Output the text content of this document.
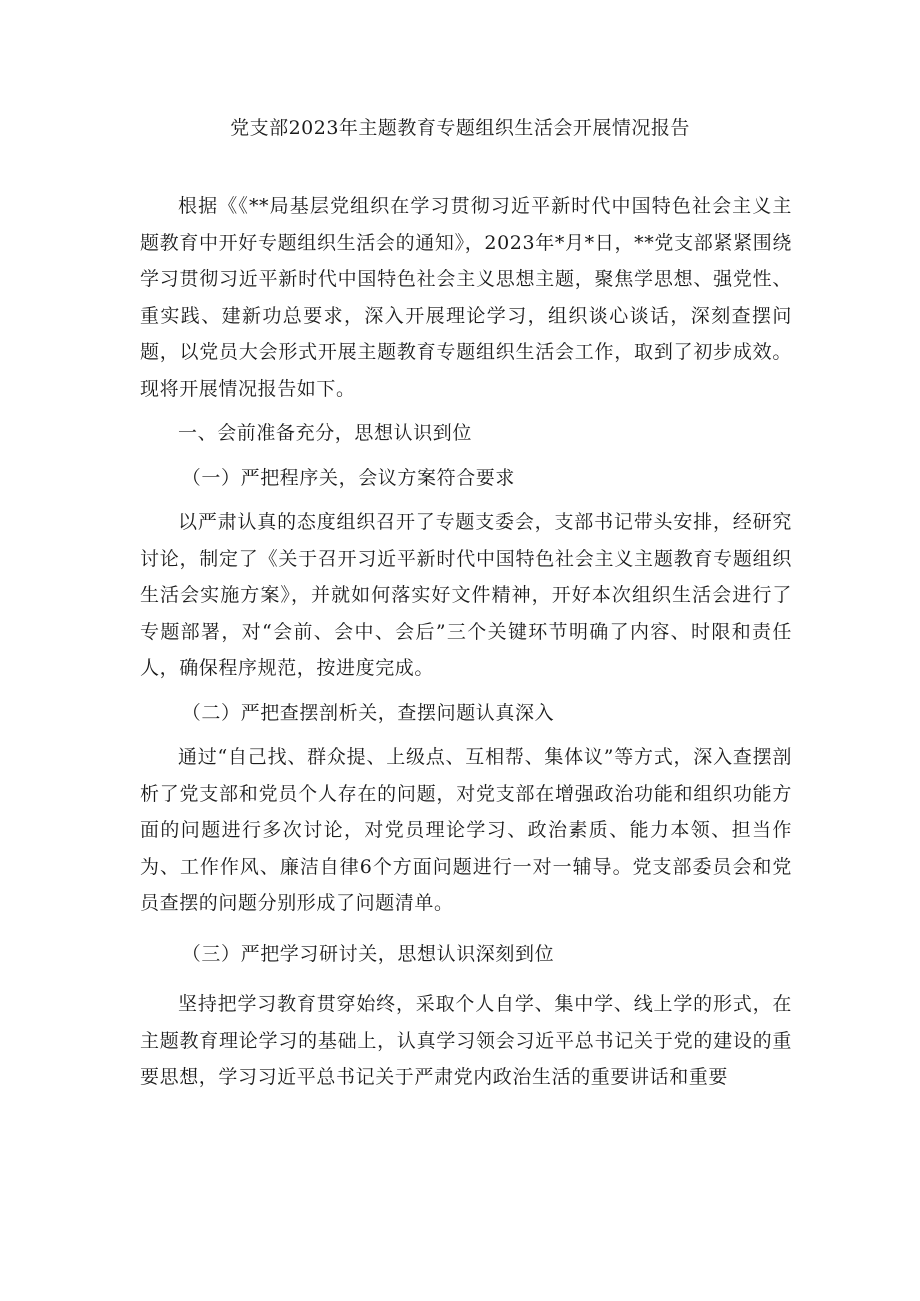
党支部2023年主题教育专题组织生活会开展情况报告

根据《《**局基层党组织在学习贯彻习近平新时代中国特色社会主义主题教育中开好专题组织生活会的通知》，2023年*月*日，**党支部紧紧围绕学习贯彻习近平新时代中国特色社会主义思想主题，聚焦学思想、强党性、重实践、建新功总要求，深入开展理论学习，组织谈心谈话，深刻查摆问题，以党员大会形式开展主题教育专题组织生活会工作，取到了初步成效。现将开展情况报告如下。

一、会前准备充分，思想认识到位

（一）严把程序关，会议方案符合要求

以严肃认真的态度组织召开了专题支委会，支部书记带头安排，经研究讨论，制定了《关于召开习近平新时代中国特色社会主义主题教育专题组织生活会实施方案》，并就如何落实好文件精神，开好本次组织生活会进行了专题部署，对“会前、会中、会后”三个关键环节明确了内容、时限和责任人，确保程序规范，按进度完成。

（二）严把查摆剖析关，查摆问题认真深入

通过“自己找、群众提、上级点、互相帮、集体议”等方式，深入查摆剖析了党支部和党员个人存在的问题，对党支部在增强政治功能和组织功能方面的问题进行多次讨论，对党员理论学习、政治素质、能力本领、担当作为、工作作风、廉洁自律6个方面问题进行一对一辅导。党支部委员会和党员查摆的问题分别形成了问题清单。

（三）严把学习研讨关，思想认识深刻到位

坚持把学习教育贯穿始终，采取个人自学、集中学、线上学的形式，在主题教育理论学习的基础上，认真学习领会习近平总书记关于党的建设的重要思想，学习习近平总书记关于严肃党内政治生活的重要讲话和重要
